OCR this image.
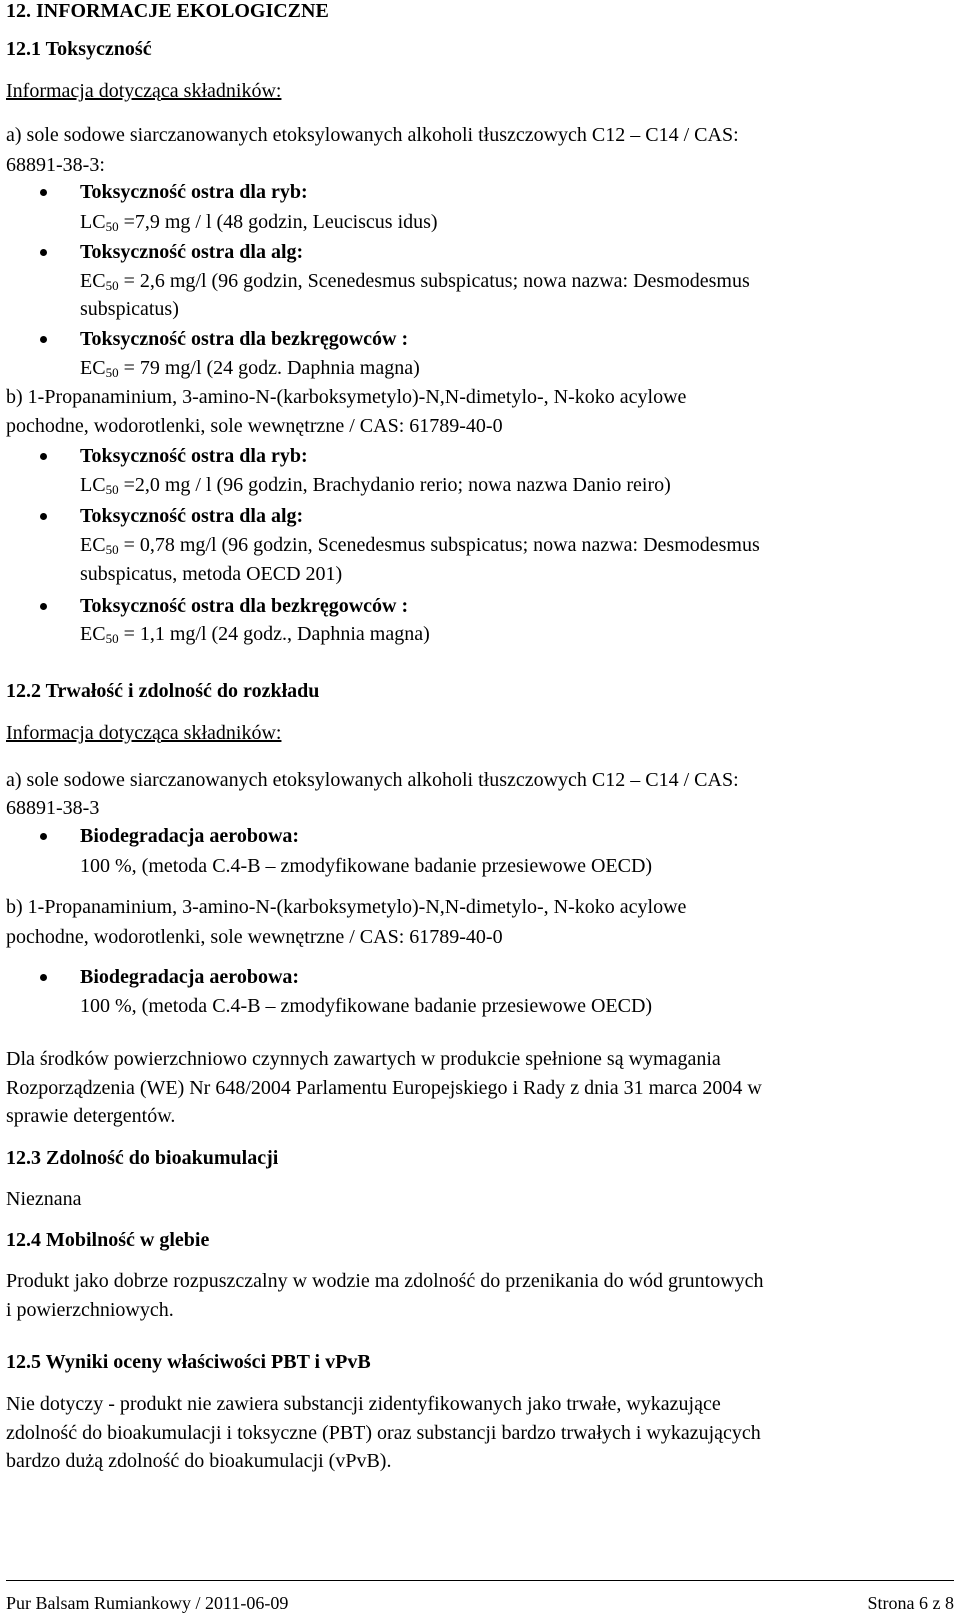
12. INFORMACJE EKOLOGICZNE
12.1 Toksyczność
Informacja dotycząca składników:
a) sole sodowe siarczanowanych etoksylowanych alkoholi tłuszczowych C12 – C14 / CAS:
68891-38-3:
Toksyczność ostra dla ryb:
$LC_{50} =7,9$ mg / l (48 godzin, Leuciscus idus)
Toksyczność ostra dla alg:
$EC_{50} = 2,6$ mg/l (96 godzin, Scenedesmus subspicatus; nowa nazwa: Desmodesmus
subspicatus)
Toksyczność ostra dla bezkręgowców :
$EC_{50} = 79$ mg/l (24 godz. Daphnia magna)
b) 1-Propanaminium, 3-amino-N-(karboksymetylo)-N,N-dimetylo-, N-koko acylowe
pochodne, wodorotlenki, sole wewnętrzne / CAS: 61789-40-0
Toksyczność ostra dla ryb:
$LC_{50} =2,0$ mg / l (96 godzin, Brachydanio rerio; nowa nazwa Danio reiro)
Toksyczność ostra dla alg:
$EC_{50} = 0,78$ mg/l (96 godzin, Scenedesmus subspicatus; nowa nazwa: Desmodesmus
subspicatus, metoda OECD 201)
Toksyczność ostra dla bezkręgowców :
$EC_{50} = 1,1$ mg/l (24 godz., Daphnia magna)
12.2 Trwałość i zdolność do rozkładu
Informacja dotycząca składników:
a) sole sodowe siarczanowanych etoksylowanych alkoholi tłuszczowych C12 – C14 / CAS:
68891-38-3
Biodegradacja aerobowa:
100 %, (metoda C.4-B – zmodyfikowane badanie przesiewowe OECD)
b) 1-Propanaminium, 3-amino-N-(karboksymetylo)-N,N-dimetylo-, N-koko acylowe
pochodne, wodorotlenki, sole wewnętrzne / CAS: 61789-40-0
Biodegradacja aerobowa:
100 %, (metoda C.4-B – zmodyfikowane badanie przesiewowe OECD)
Dla środków powierzchniowo czynnych zawartych w produkcie spełnione są wymagania
Rozporządzenia (WE) Nr 648/2004 Parlamentu Europejskiego i Rady z dnia 31 marca 2004 w
sprawie detergentów.
12.3 Zdolność do bioakumulacji
Nieznana
12.4 Mobilność w glebie
Produkt jako dobrze rozpuszczalny w wodzie ma zdolność do przenikania do wód gruntowych
i powierzchniowych.
12.5 Wyniki oceny właściwości PBT i vPvB
Nie dotyczy - produkt nie zawiera substancji zidentyfikowanych jako trwałe, wykazujące
zdolność do bioakumulacji i toksyczne (PBT) oraz substancji bardzo trwałych i wykazujących
bardzo dużą zdolność do bioakumulacji (vPvB).
Pur Balsam Rumiankowy / 2011-06-09	Strona 6 z 8
